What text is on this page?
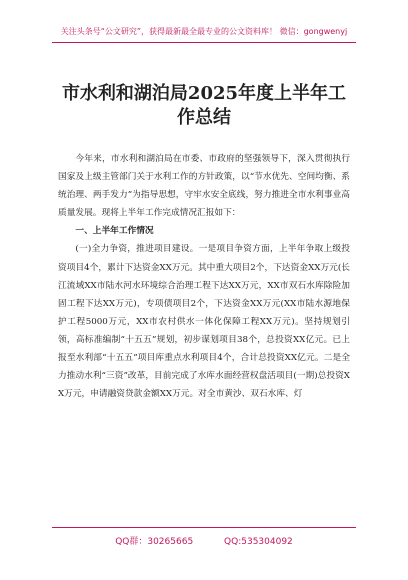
关注头条号“公文研究”，获得最新最全最专业的公文资料库！ 微信：gongwenyj
市水利和湖泊局2025年度上半年工作总结

今年来，市水利和湖泊局在市委、市政府的坚强领导下，深入贯彻执行国家及上级主管部门关于水利工作的方针政策，以“节水优先、空间均衡、系统治理、两手发力”为指导思想，守牢水安全底线，努力推进全市水利事业高质量发展。现将上半年工作完成情况汇报如下：

一、上半年工作情况

(一)全力争资，推进项目建设。一是项目争资方面，上半年争取上级投资项目4个，累计下达资金XX万元。其中重大项目2个，下达资金XX万元(长江流域XX市陆水河水环境综合治理工程下达XX万元，XX市双石水库除险加固工程下达XX万元)，专项债项目2个，下达资金XX万元(XX市陆水源地保护工程5000万元，XX市农村供水一体化保障工程XX万元)。坚持规划引领，高标准编制“十五五”规划，初步谋划项目38个，总投资XX亿元。已上报至水利部“十五五”项目库重点水利项目4个，合计总投资XX亿元。二是全力推动水利“三资”改革，目前完成了水库水面经营权盘活项目(一期)总投资XX万元，申请融资贷款金额XX万元。对全市黄沙、双石水库、灯

QQ群：30265665	QQ:535304092
